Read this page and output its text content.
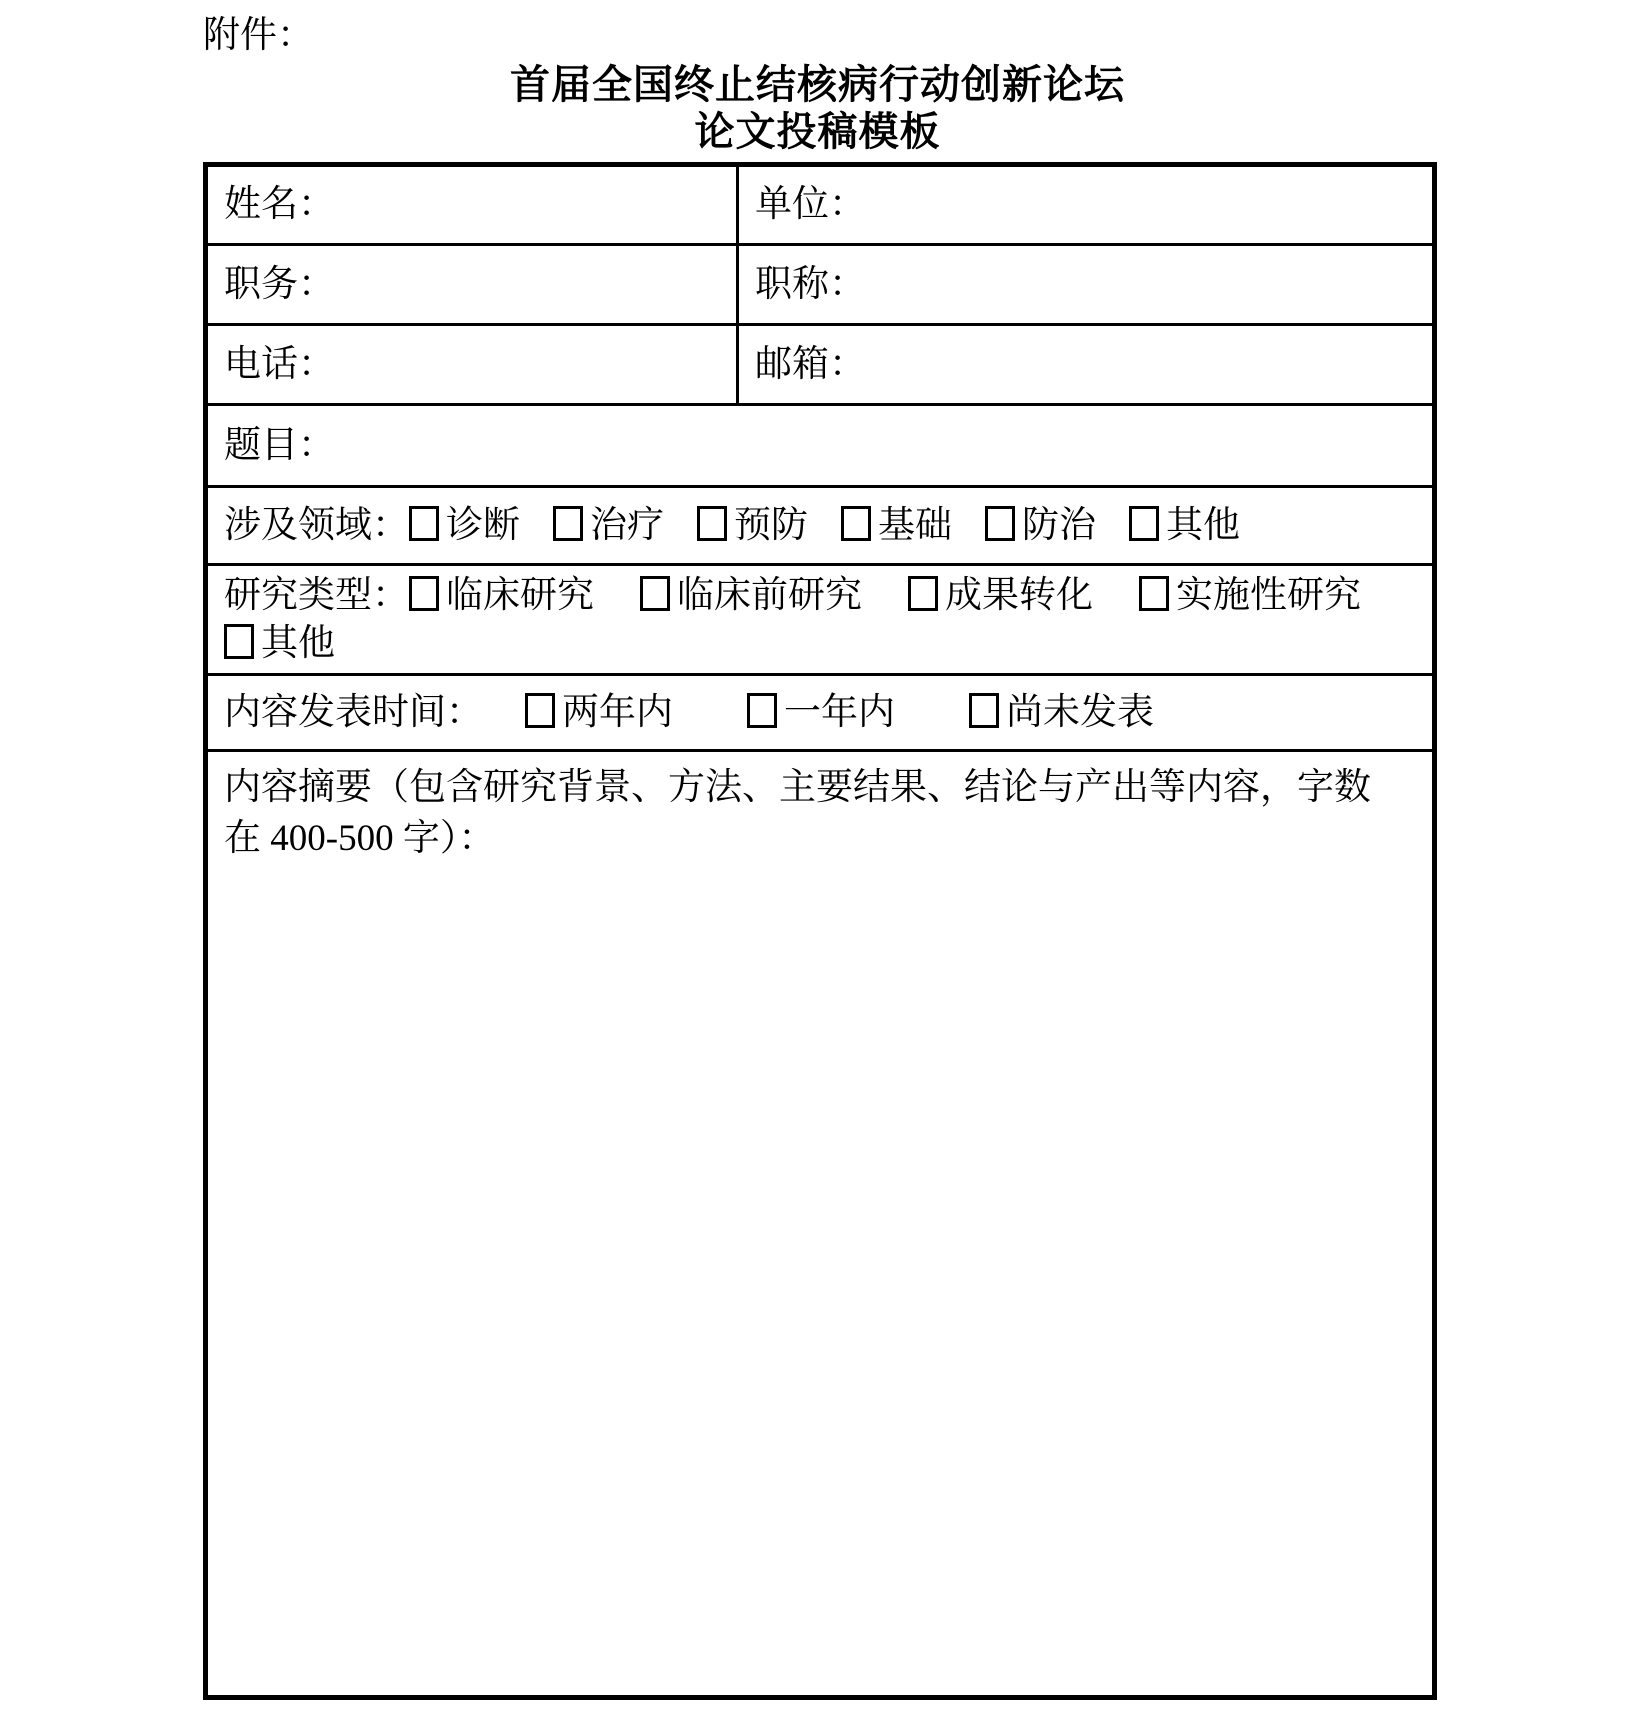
附件：
首届全国终止结核病行动创新论坛
论文投稿模板
姓名：	单位：
职务：	职称：
电话：	邮箱：
题目：	
涉及领域： 诊断 治疗 预防 基础 防治 其他	
研究类型： 临床研究 临床前研究 成果转化 实施性研究其他	
内容发表时间： 两年内 一年内 尚未发表	
内容摘要（包含研究背景、方法、主要结果、结论与产出等内容，字数在 400-500 字）：	
